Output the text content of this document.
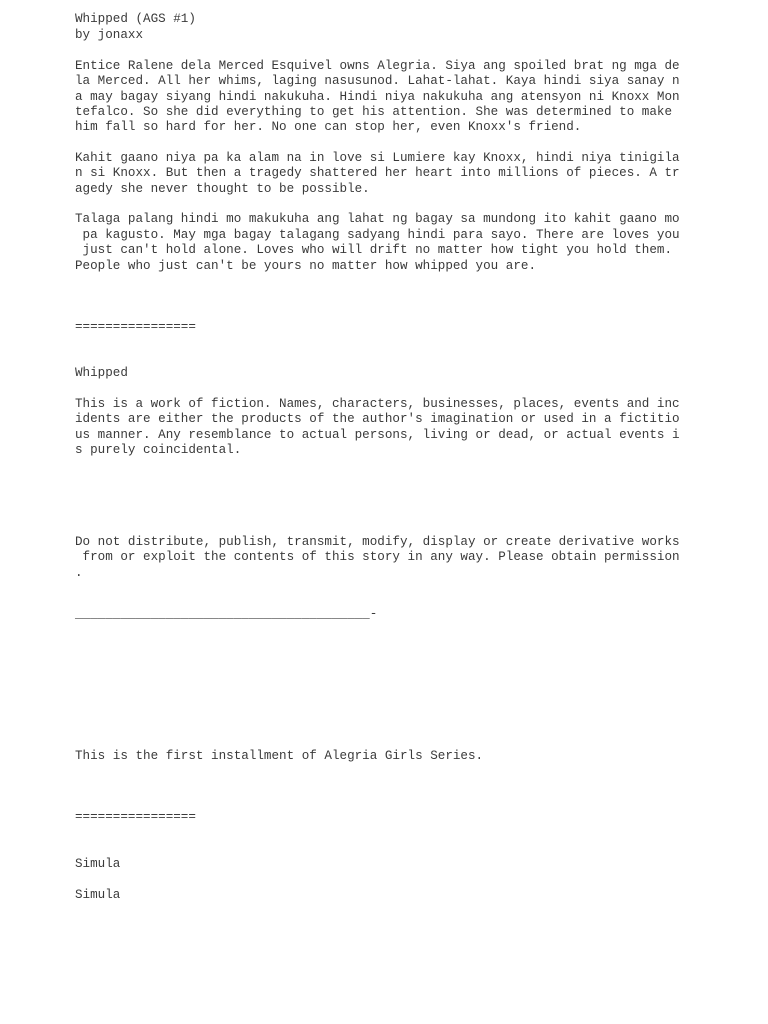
Whipped (AGS #1)

by jonaxx

Entice Ralene dela Merced Esquivel owns Alegria. Siya ang spoiled brat ng mga de

la Merced. All her whims, laging nasusunod. Lahat-lahat. Kaya hindi siya sanay n

a may bagay siyang hindi nakukuha. Hindi niya nakukuha ang atensyon ni Knoxx Mon

tefalco. So she did everything to get his attention. She was determined to make

him fall so hard for her. No one can stop her, even Knoxx's friend.

Kahit gaano niya pa ka alam na in love si Lumiere kay Knoxx, hindi niya tinigila

n si Knoxx. But then a tragedy shattered her heart into millions of pieces. A tr

agedy she never thought to be possible.

Talaga palang hindi mo makukuha ang lahat ng bagay sa mundong ito kahit gaano mo

pa kagusto. May mga bagay talagang sadyang hindi para sayo. There are loves you

just can't hold alone. Loves who will drift no matter how tight you hold them.

People who just can't be yours no matter how whipped you are.

================

Whipped

This is a work of fiction. Names, characters, businesses, places, events and inc

idents are either the products of the author's imagination or used in a fictitio

us manner. Any resemblance to actual persons, living or dead, or actual events i

s purely coincidental.

Do not distribute, publish, transmit, modify, display or create derivative works

from or exploit the contents of this story in any way. Please obtain permission

.

_______________________________________-

This is the first installment of Alegria Girls Series.

================

Simula

Simula
